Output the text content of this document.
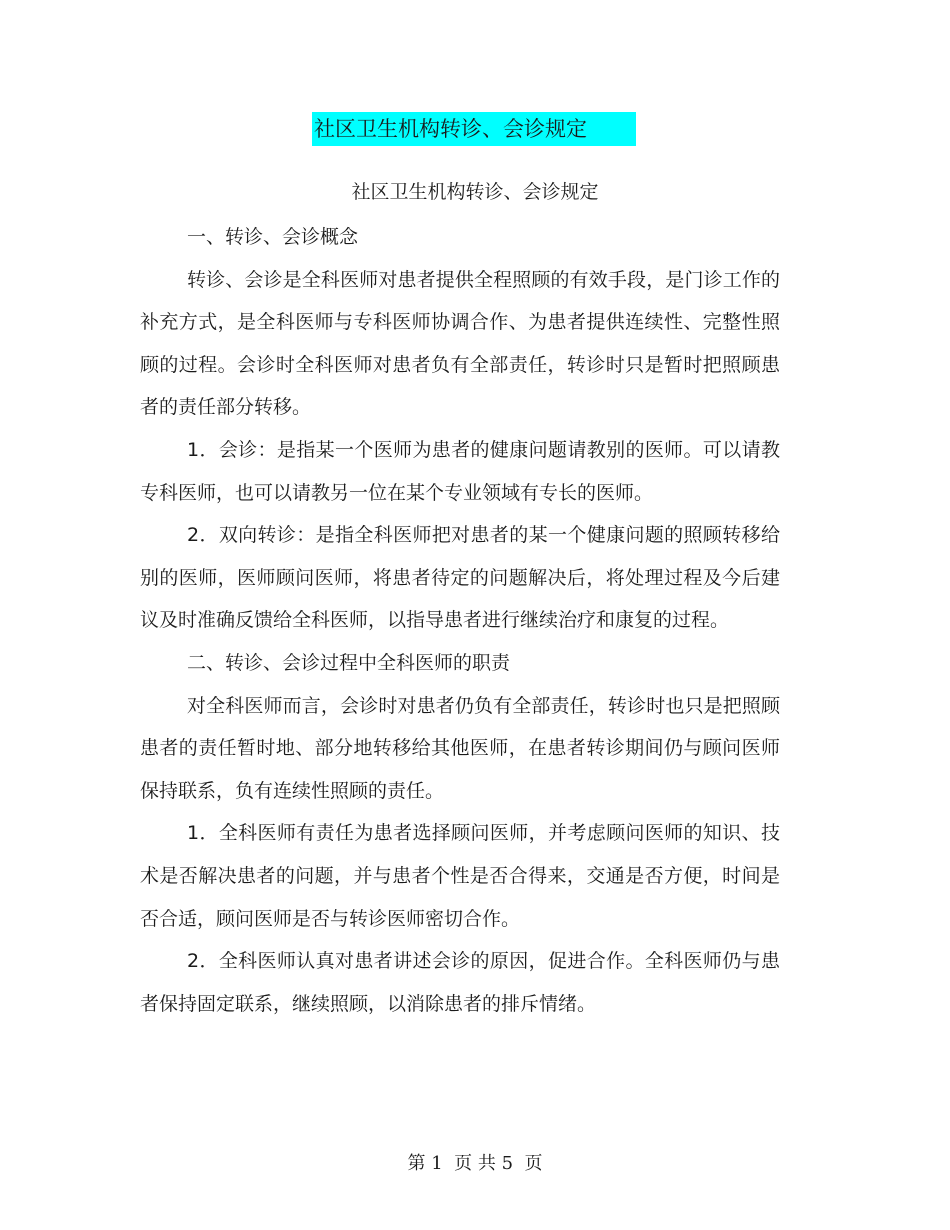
社区卫生机构转诊、会诊规定
社区卫生机构转诊、会诊规定

一、转诊、会诊概念

转诊、会诊是全科医师对患者提供全程照顾的有效手段，是门诊工作的补充方式，是全科医师与专科医师协调合作、为患者提供连续性、完整性照顾的过程。会诊时全科医师对患者负有全部责任，转诊时只是暂时把照顾患者的责任部分转移。

1．会诊：是指某一个医师为患者的健康问题请教别的医师。可以请教专科医师，也可以请教另一位在某个专业领域有专长的医师。

2．双向转诊：是指全科医师把对患者的某一个健康问题的照顾转移给别的医师，医师顾问医师，将患者待定的问题解决后，将处理过程及今后建议及时准确反馈给全科医师，以指导患者进行继续治疗和康复的过程。

二、转诊、会诊过程中全科医师的职责

对全科医师而言，会诊时对患者仍负有全部责任，转诊时也只是把照顾患者的责任暂时地、部分地转移给其他医师，在患者转诊期间仍与顾问医师保持联系，负有连续性照顾的责任。

1．全科医师有责任为患者选择顾问医师，并考虑顾问医师的知识、技术是否解决患者的问题，并与患者个性是否合得来，交通是否方便，时间是否合适，顾问医师是否与转诊医师密切合作。

2．全科医师认真对患者讲述会诊的原因，促进合作。全科医师仍与患者保持固定联系，继续照顾，以消除患者的排斥情绪。

第 1  页 共 5  页
